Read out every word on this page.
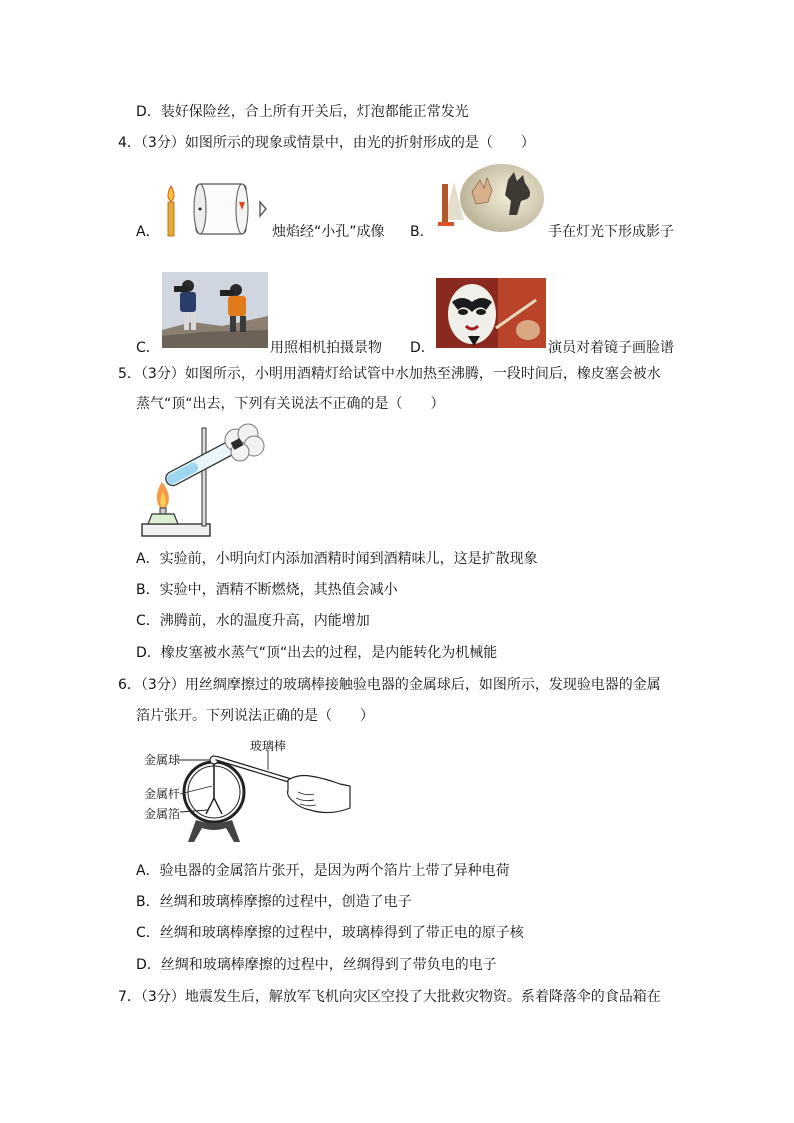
D．装好保险丝，合上所有开关后，灯泡都能正常发光
4．（3分）如图所示的现象或情景中，由光的折射形成的是（　　）
A．	烛焰经“小孔”成像 B．	手在灯光下形成影子
C．	用照相机拍摄景物 D．	演员对着镜子画脸谱
5．（3分）如图所示，小明用酒精灯给试管中水加热至沸腾，一段时间后，橡皮塞会被水
蒸气“顶“出去，下列有关说法不正确的是（　　）
A．实验前，小明向灯内添加酒精时闻到酒精味儿，这是扩散现象
B．实验中，酒精不断燃烧，其热值会减小
C．沸腾前，水的温度升高，内能增加
D．橡皮塞被水蒸气“顶“出去的过程，是内能转化为机械能
6．（3分）用丝绸摩擦过的玻璃棒接触验电器的金属球后，如图所示，发现验电器的金属
箔片张开。下列说法正确的是（　　）
玻璃棒
金属球
金属杆
金属箔
A．验电器的金属箔片张开，是因为两个箔片上带了异种电荷
B．丝绸和玻璃棒摩擦的过程中，创造了电子
C．丝绸和玻璃棒摩擦的过程中，玻璃棒得到了带正电的原子核
D．丝绸和玻璃棒摩擦的过程中，丝绸得到了带负电的电子
7．（3分）地震发生后，解放军飞机向灾区空投了大批救灾物资。系着降落伞的食品箱在
